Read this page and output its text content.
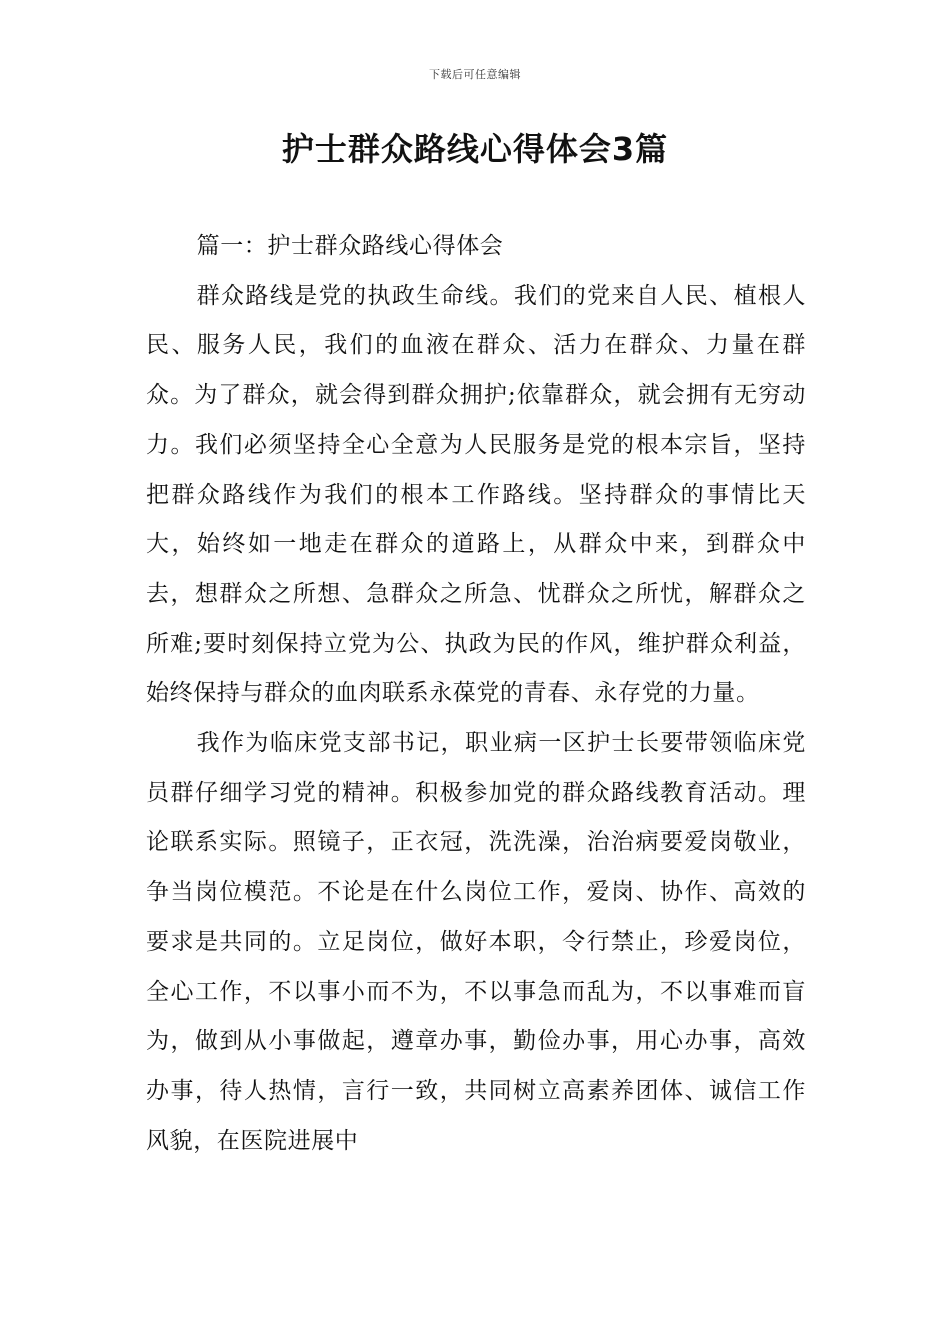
下载后可任意编辑
护士群众路线心得体会3篇

篇一：护士群众路线心得体会

群众路线是党的执政生命线。我们的党来自人民、植根人民、服务人民，我们的血液在群众、活力在群众、力量在群众。为了群众，就会得到群众拥护;依靠群众，就会拥有无穷动力。我们必须坚持全心全意为人民服务是党的根本宗旨，坚持把群众路线作为我们的根本工作路线。坚持群众的事情比天大，始终如一地走在群众的道路上，从群众中来，到群众中去，想群众之所想、急群众之所急、忧群众之所忧，解群众之所难;要时刻保持立党为公、执政为民的作风，维护群众利益，始终保持与群众的血肉联系永葆党的青春、永存党的力量。

我作为临床党支部书记，职业病一区护士长要带领临床党员群仔细学习党的精神。积极参加党的群众路线教育活动。理论联系实际。照镜子，正衣冠，洗洗澡，治治病要爱岗敬业，争当岗位模范。不论是在什么岗位工作，爱岗、协作、高效的要求是共同的。立足岗位，做好本职，令行禁止，珍爱岗位，全心工作，不以事小而不为，不以事急而乱为，不以事难而盲为，做到从小事做起，遵章办事，勤俭办事，用心办事，高效办事，待人热情，言行一致，共同树立高素养团体、诚信工作风貌，在医院进展中
